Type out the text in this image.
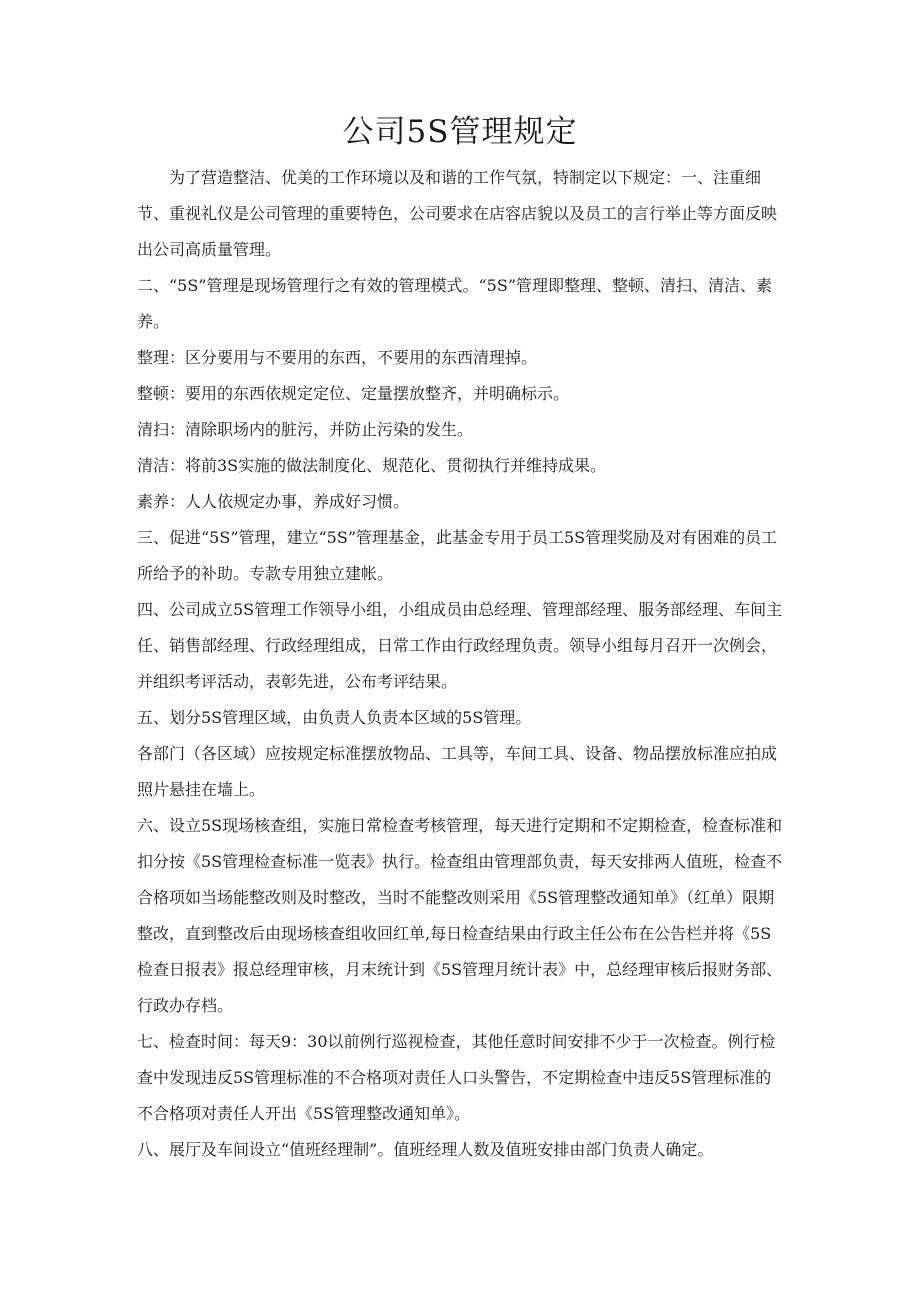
公司5S管理规定

为了营造整洁、优美的工作环境以及和谐的工作气氛，特制定以下规定：一、注重细节、重视礼仪是公司管理的重要特色，公司要求在店容店貌以及员工的言行举止等方面反映出公司高质量管理。

二、“5S”管理是现场管理行之有效的管理模式。“5S”管理即整理、整顿、清扫、清洁、素养。

整理：区分要用与不要用的东西，不要用的东西清理掉。

整顿：要用的东西依规定定位、定量摆放整齐，并明确标示。

清扫：清除职场内的脏污，并防止污染的发生。

清洁：将前3S实施的做法制度化、规范化、贯彻执行并维持成果。

素养：人人依规定办事，养成好习惯。

三、促进“5S”管理，建立“5S”管理基金，此基金专用于员工5S管理奖励及对有困难的员工所给予的补助。专款专用独立建帐。

四、公司成立5S管理工作领导小组，小组成员由总经理、管理部经理、服务部经理、车间主任、销售部经理、行政经理组成，日常工作由行政经理负责。领导小组每月召开一次例会，并组织考评活动，表彰先进，公布考评结果。

五、划分5S管理区域，由负责人负责本区域的5S管理。

各部门（各区域）应按规定标准摆放物品、工具等，车间工具、设备、物品摆放标准应拍成照片悬挂在墙上。

六、设立5S现场核查组，实施日常检查考核管理，每天进行定期和不定期检查，检查标准和扣分按《5S管理检查标准一览表》执行。检查组由管理部负责，每天安排两人值班，检查不合格项如当场能整改则及时整改，当时不能整改则采用《5S管理整改通知单》（红单）限期整改，直到整改后由现场核查组收回红单,每日检查结果由行政主任公布在公告栏并将《5S检查日报表》报总经理审核，月末统计到《5S管理月统计表》中，总经理审核后报财务部、行政办存档。

七、检查时间：每天9：30以前例行巡视检查，其他任意时间安排不少于一次检查。例行检查中发现违反5S管理标准的不合格项对责任人口头警告，不定期检查中违反5S管理标准的不合格项对责任人开出《5S管理整改通知单》。

八、展厅及车间设立“值班经理制”。值班经理人数及值班安排由部门负责人确定。
